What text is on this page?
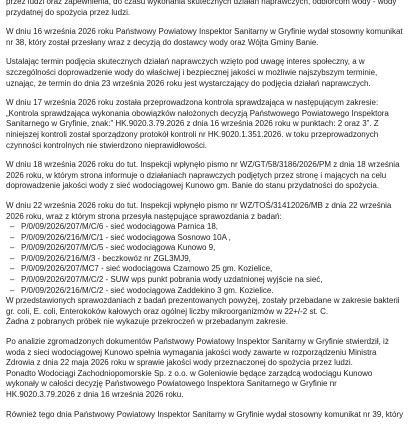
przez ludzi oraz zapewnienia, do czasu wykonania skutecznych działań naprawczych, odbiorcom wody - wody przydatnej do spożycia przez ludzi.

W dniu 16 września 2026 roku Państwowy Powiatowy Inspektor Sanitarny w Gryfinie wydał stosowny komunikat nr 38, który został przesłany wraz z decyzją do dostawcy wody oraz Wójta Gminy Banie.

Ustalając termin podjęcia skutecznych działań naprawczych wzięto pod uwagę interes społeczny, a w szczególności doprowadzenie wody do właściwej i bezpiecznej jakości w możliwie najszybszym terminie, uznając, że termin do dnia 23 września 2026 roku jest wystarczający do podjęcia działań naprawczych.

W dniu 17 września 2026 roku została przeprowadzona kontrola sprawdzająca w następującym zakresie: „Kontrola sprawdzająca wykonania obowiązków nałożonych decyzją Państwowego Powiatowego Inspektora Sanitarnego w Gryfinie, znak:” HK.9020.3.79.2026 z dnia 16 września 2026 roku w punktach: 2 oraz 3”. Z niniejszej kontroli został sporządzony protokół kontroli nr HK.9020.1.351.2026. w toku przeprowadzonych czynności kontrolnych nie stwierdzono nieprawidłowości.

W dniu 18 września 2026 roku do tut. Inspekcji wpłynęło pismo nr WZ/GT/58/3186/2026/PM z dnia 18 września 2026 roku, w którym strona informuje o działaniach naprawczych podjętych przez stronę i mających na celu doprowadzenie jakości wody z sieć wodociągowej Kunowo gm. Banie do stanu przydatności do spożycia.

W dniu 22 września 2026 roku do tut. Inspekcji wpłynęło pismo nr WZ/TOŚ/31412026/MB z dnia 22 września 2026 roku, wraz z którym strona przesyła następujące sprawozdania z badań:

– P/0/09/2026/207/M/C/6 - sieć wodociągowa Parnica 18,
– P/0/09/2026/216/M/C/1 - sieć wodociągowa Sosnowo 10A ,
– P/0/09/2026/207/M/C/5 - sieć wodociągowa Kunowo 9,
– P/0/09/2026/216/M/3 - beczkowóz nr ZGL3MJ9,
– P/0/09/2026/207/MC7 - sieć wodociągowa Czarnowo 25 gm. Kozielice,
– P/0/09/2026/207/M/C/2 - SUW wps punkt pobrania wody uzdatnionej wyjście na sieć,
– P/0/09/2026/216/M/C/2 - sieć wodociągowa Zaddekino 3 gm. Kozielice.

W przedstawionych sprawozdaniach z badań prezentowanych powyżej, zostały przebadane w zakresie bakterii gr. coli, E. coli, Enterokoków kałowych oraz ogólnej liczby mikroorganizmów w 22+/-2 st. C.
Żadna z pobranych próbek nie wykazuje przekroczeń w przebadanym zakresie.

Po analizie zgromadzonych dokumentów Państwowy Powiatowy Inspektor Sanitarny w Gryfinie stwierdził, iż woda z sieci wodociągowej Kunowo spełnia wymagania jakości wody zawarte w rozporządzeniu Ministra Zdrowia z dnia 22 maja 2026 roku w sprawie jakości wody przeznaczonej do spożycia przez ludzi.
Ponadto Wodociągi Zachodniopomorskie Sp. z o.o. w Goleniowie będące zarządcą wodociągu Kunowo wykonały w całości decyzję Państwowego Powiatowego Inspektora Sanitarnego w Gryfinie nr HK.9020.3.79.2026 z dnia 16 września 2026 roku.

Również tego dnia Państwowy Powiatowy Inspektor Sanitarny w Gryfinie wydał stosowny komunikat nr 39, który
